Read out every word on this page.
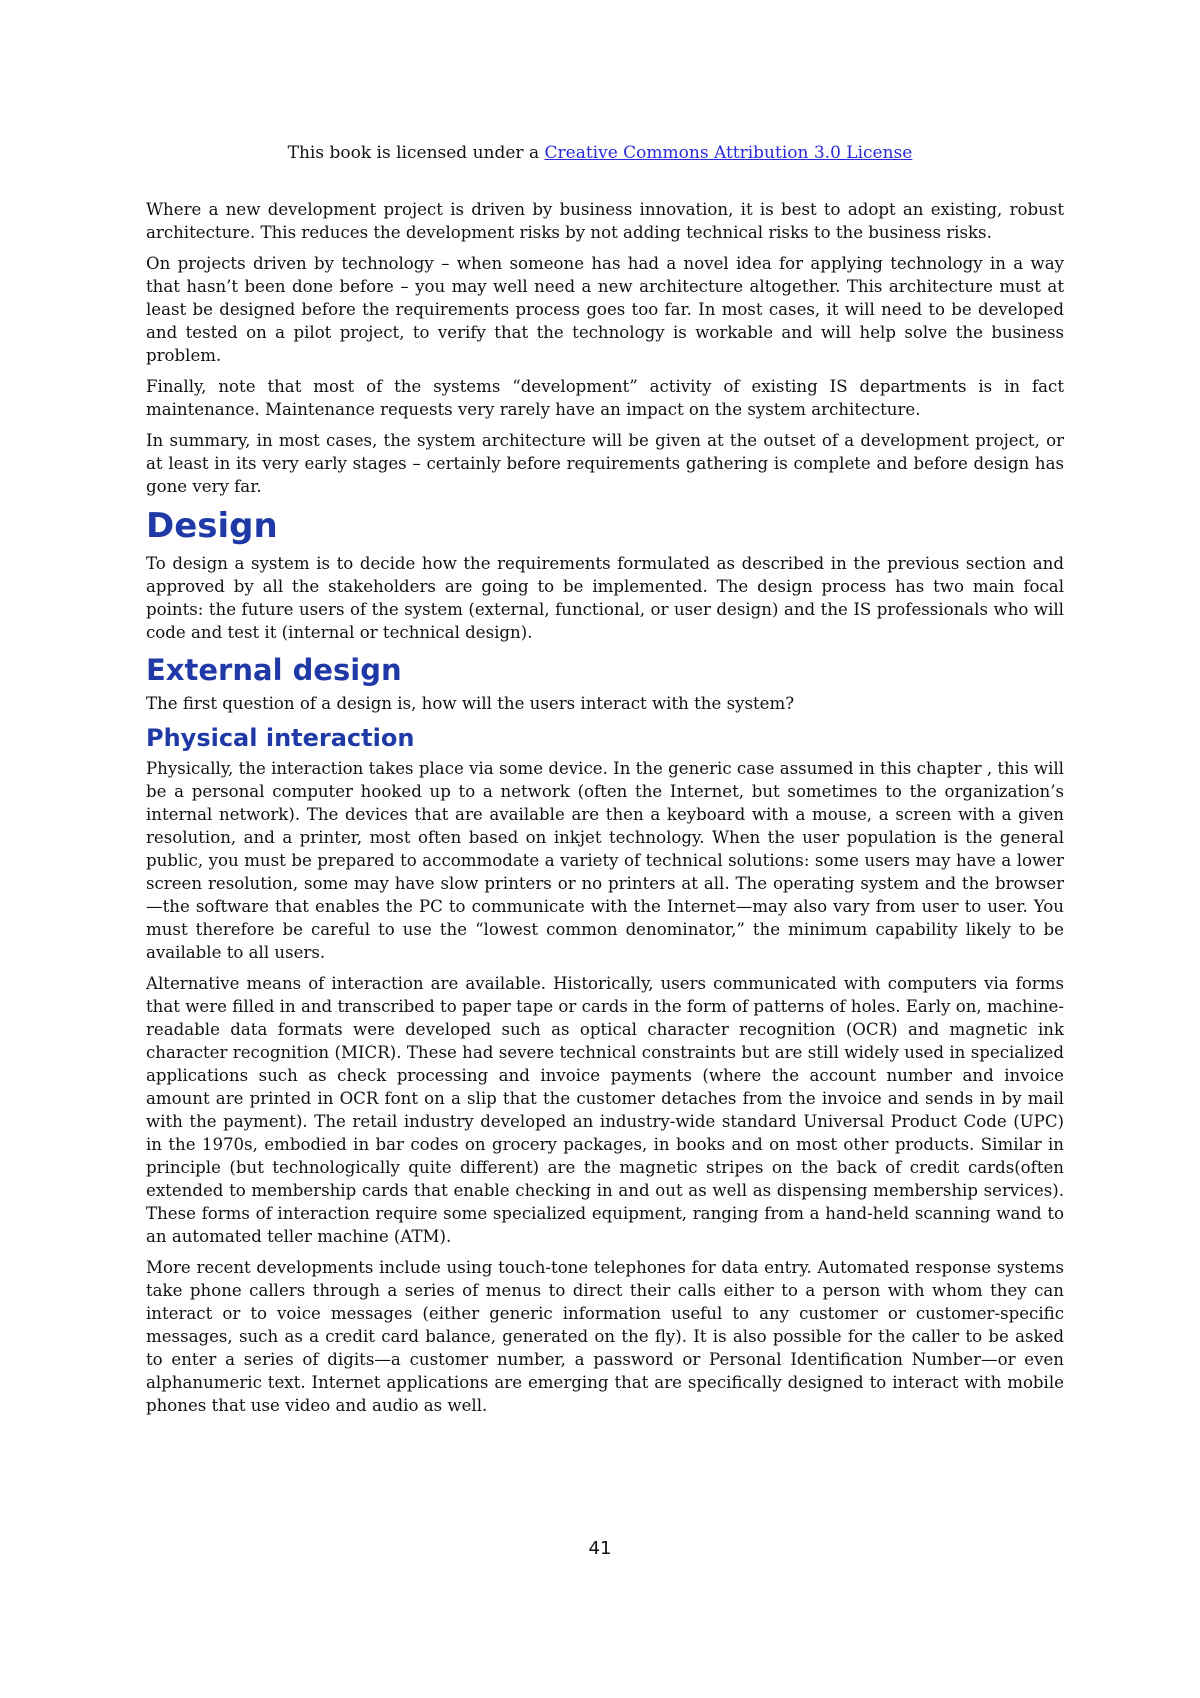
This book is licensed under a Creative Commons Attribution 3.0 License

Where a new development project is driven by business innovation, it is best to adopt an existing, robust architecture. This reduces the development risks by not adding technical risks to the business risks.

On projects driven by technology – when someone has had a novel idea for applying technology in a way that hasn’t been done before – you may well need a new architecture altogether. This architecture must at least be designed before the requirements process goes too far. In most cases, it will need to be developed and tested on a pilot project, to verify that the technology is workable and will help solve the business problem.

Finally, note that most of the systems “development” activity of existing IS departments is in fact maintenance. Maintenance requests very rarely have an impact on the system architecture.

In summary, in most cases, the system architecture will be given at the outset of a development project, or at least in its very early stages – certainly before requirements gathering is complete and before design has gone very far.

Design

To design a system is to decide how the requirements formulated as described in the previous section and approved by all the stakeholders are going to be implemented. The design process has two main focal points: the future users of the system (external, functional, or user design) and the IS professionals who will code and test it (internal or technical design).

External design

The first question of a design is, how will the users interact with the system?

Physical interaction

Physically, the interaction takes place via some device. In the generic case assumed in this chapter , this will be a personal computer hooked up to a network (often the Internet, but sometimes to the organization’s internal network). The devices that are available are then a keyboard with a mouse, a screen with a given resolution, and a printer, most often based on inkjet technology. When the user population is the general public, you must be prepared to accommodate a variety of technical solutions: some users may have a lower screen resolution, some may have slow printers or no printers at all. The operating system and the browser—the software that enables the PC to communicate with the Internet—may also vary from user to user. You must therefore be careful to use the “lowest common denominator,” the minimum capability likely to be available to all users.

Alternative means of interaction are available. Historically, users communicated with computers via forms that were filled in and transcribed to paper tape or cards in the form of patterns of holes. Early on, machine-readable data formats were developed such as optical character recognition (OCR) and magnetic ink character recognition (MICR). These had severe technical constraints but are still widely used in specialized applications such as check processing and invoice payments (where the account number and invoice amount are printed in OCR font on a slip that the customer detaches from the invoice and sends in by mail with the payment). The retail industry developed an industry-wide standard Universal Product Code (UPC) in the 1970s, embodied in bar codes on grocery packages, in books and on most other products. Similar in principle (but technologically quite different) are the magnetic stripes on the back of credit cards(often extended to membership cards that enable checking in and out as well as dispensing membership services). These forms of interaction require some specialized equipment, ranging from a hand-held scanning wand to an automated teller machine (ATM).

More recent developments include using touch-tone telephones for data entry. Automated response systems take phone callers through a series of menus to direct their calls either to a person with whom they can interact or to voice messages (either generic information useful to any customer or customer-specific messages, such as a credit card balance, generated on the fly). It is also possible for the caller to be asked to enter a series of digits—a customer number, a password or Personal Identification Number—or even alphanumeric text. Internet applications are emerging that are specifically designed to interact with mobile phones that use video and audio as well.

41
